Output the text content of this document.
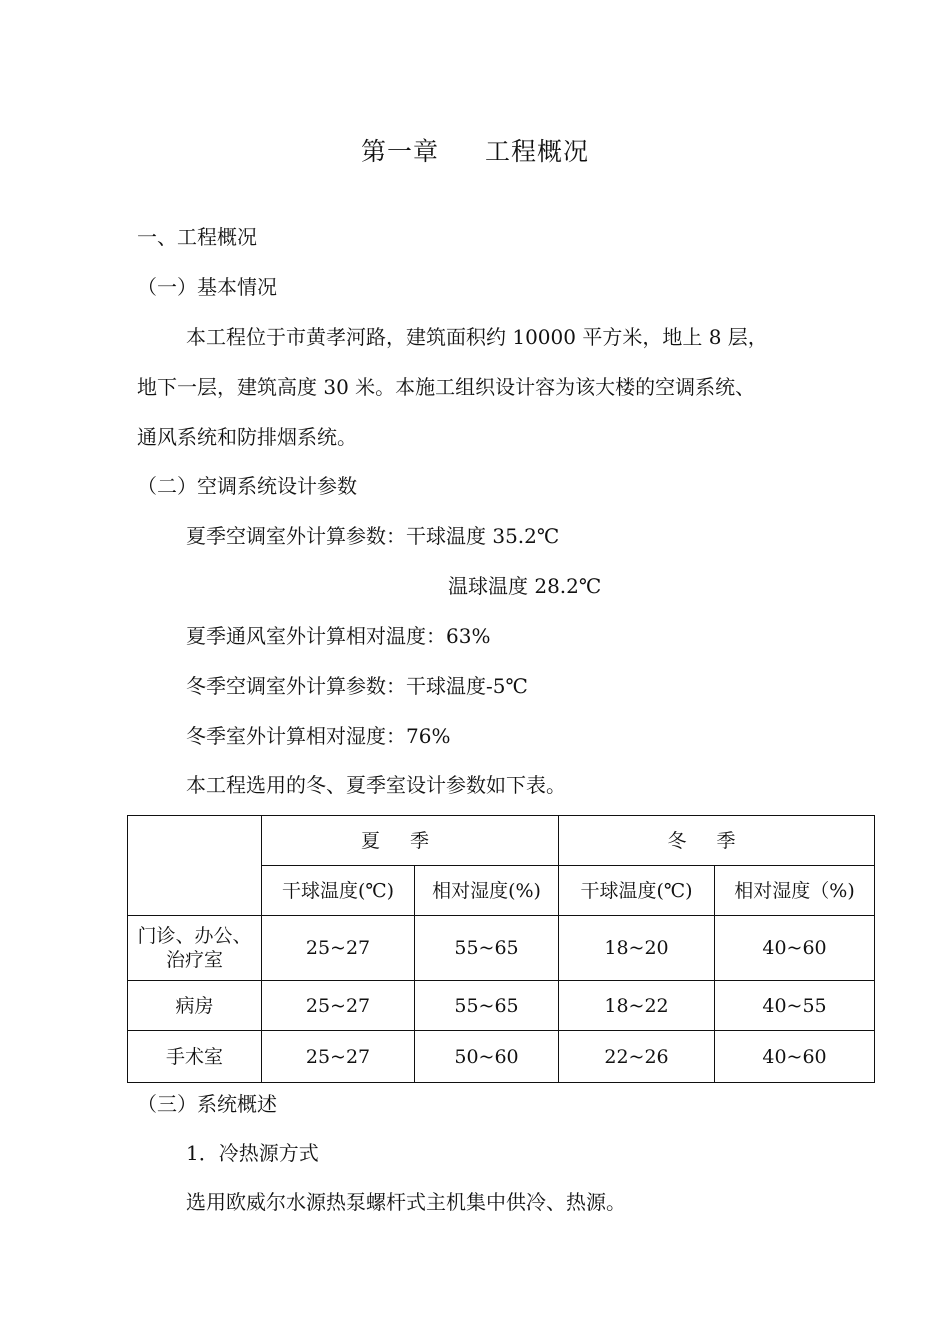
第一章 工程概况
一、工程概况
（一）基本情况
本工程位于市黄孝河路，建筑面积约 10000 平方米，地上 8 层，
地下一层，建筑高度 30 米。本施工组织设计容为该大楼的空调系统、
通风系统和防排烟系统。
（二）空调系统设计参数
夏季空调室外计算参数：干球温度 35.2℃
温球温度 28.2℃
夏季通风室外计算相对温度：63%
冬季空调室外计算参数：干球温度-5℃
冬季室外计算相对湿度：76%
本工程选用的冬、夏季室设计参数如下表。
	夏季		冬季	
	干球温度(℃)	相对湿度(%)	干球温度(℃)	相对湿度（%)
门诊、办公、
治疗室	25~27	55~65	18~20	40~60
病房	25~27	55~65	18~22	40~55
手术室	25~27	50~60	22~26	40~60
（三）系统概述
1．冷热源方式
选用欧威尔水源热泵螺杆式主机集中供冷、热源。
